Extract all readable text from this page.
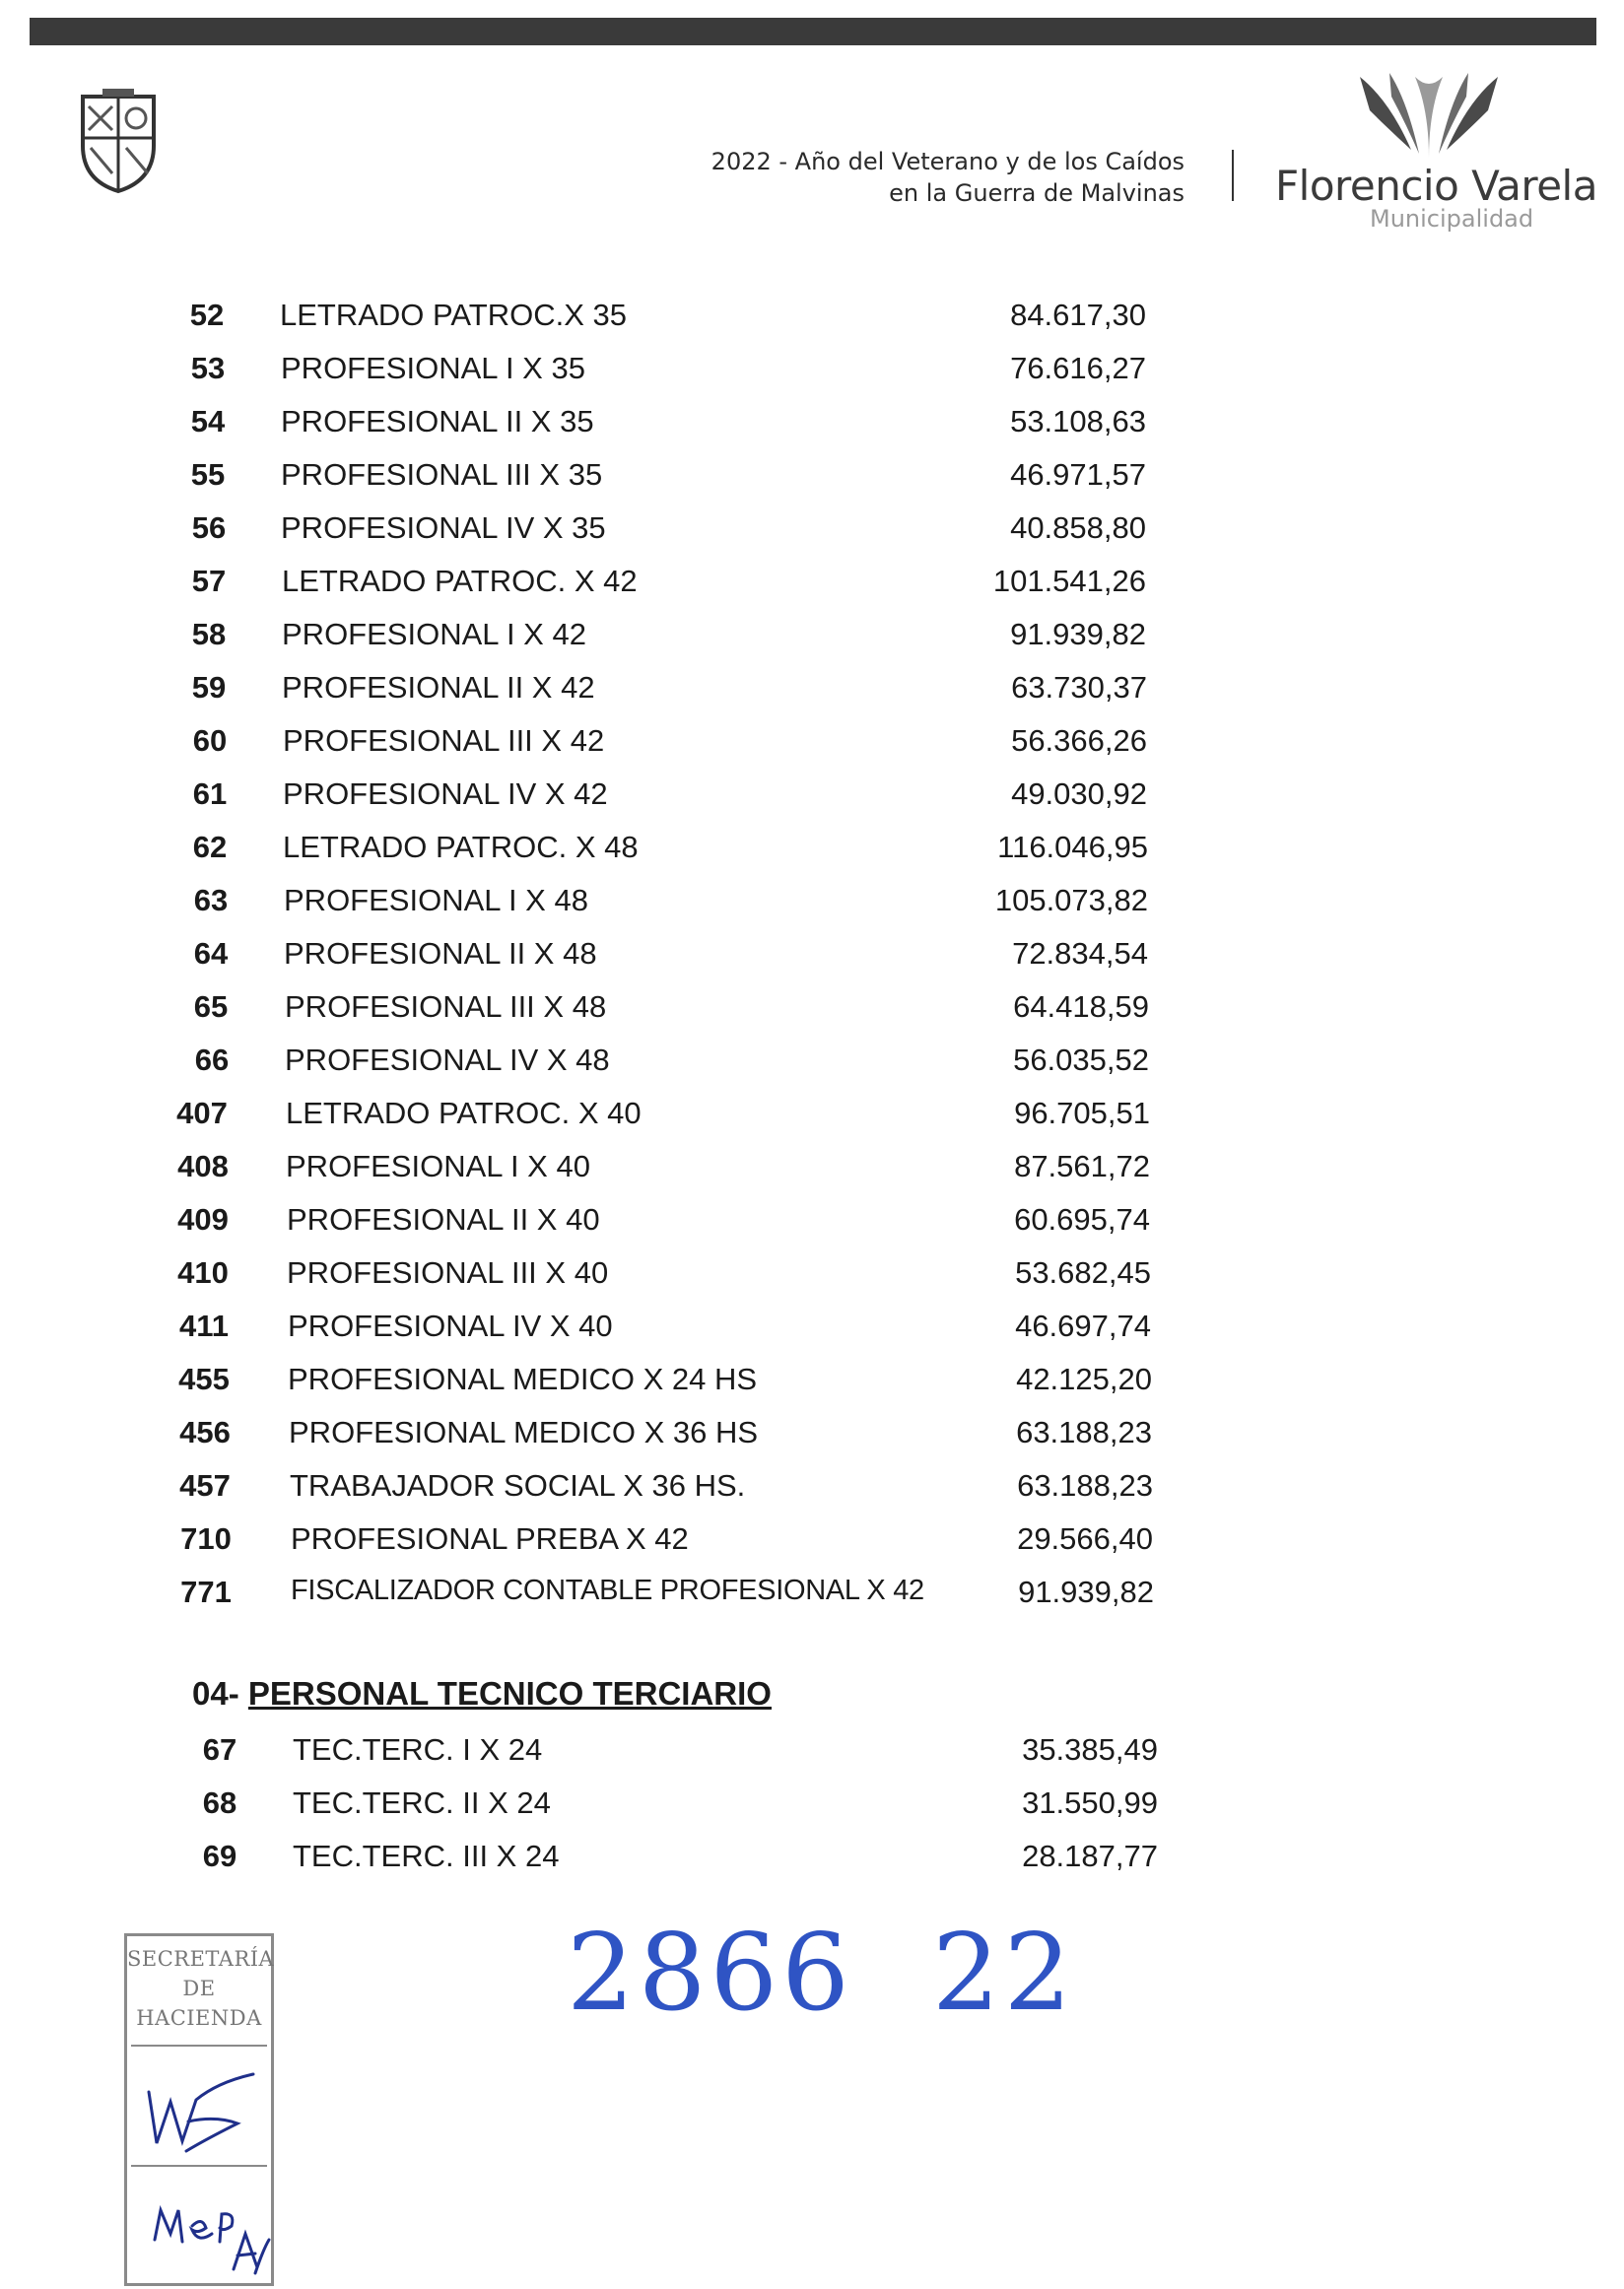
2022 - Año del Veterano y de los Caídos
en la Guerra de Malvinas Florencio Varela
Municipalidad
52	LETRADO PATROC.X 35	84.617,30
53	PROFESIONAL I X 35	76.616,27
54	PROFESIONAL II X 35	53.108,63
55	PROFESIONAL III X 35	46.971,57
56	PROFESIONAL IV X 35	40.858,80
57	LETRADO PATROC. X 42	101.541,26
58	PROFESIONAL I X 42	91.939,82
59	PROFESIONAL II X 42	63.730,37
60	PROFESIONAL III X 42	56.366,26
61	PROFESIONAL IV X 42	49.030,92
62	LETRADO PATROC. X 48	116.046,95
63	PROFESIONAL I X 48	105.073,82
64	PROFESIONAL II X 48	72.834,54
65	PROFESIONAL III X 48	64.418,59
66	PROFESIONAL IV X 48	56.035,52
407	LETRADO PATROC. X 40	96.705,51
408	PROFESIONAL I X 40	87.561,72
409	PROFESIONAL II X 40	60.695,74
410	PROFESIONAL III X 40	53.682,45
411	PROFESIONAL IV X 40	46.697,74
455	PROFESIONAL MEDICO X 24 HS	42.125,20
456	PROFESIONAL MEDICO X 36 HS	63.188,23
457	TRABAJADOR SOCIAL X 36 HS.	63.188,23
710	PROFESIONAL PREBA X 42	29.566,40
771	FISCALIZADOR CONTABLE PROFESIONAL X 42	91.939,82
04- PERSONAL TECNICO TERCIARIO
67	TEC.TERC. I X 24	35.385,49
68	TEC.TERC. II X 24	31.550,99
69	TEC.TERC. III X 24	28.187,77
SECRETARÍA
DE
HACIENDA	2866 22
